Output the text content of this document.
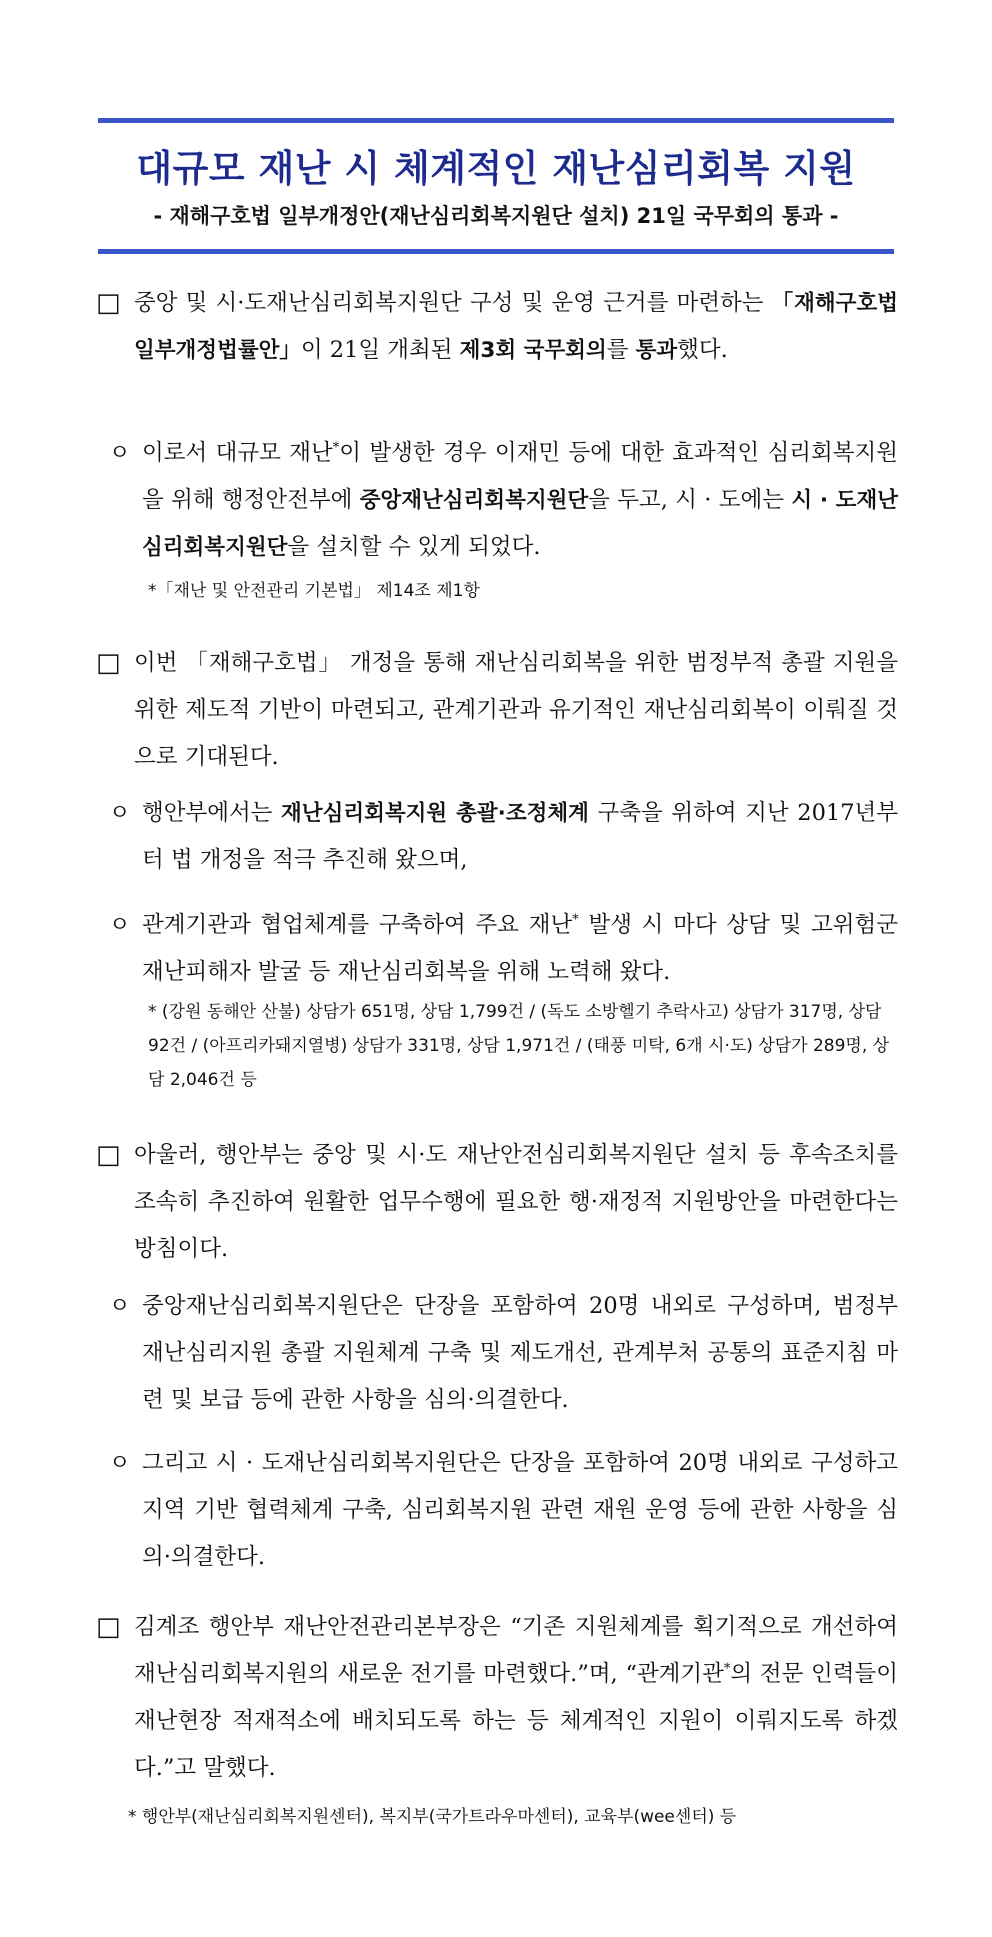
대규모 재난 시 체계적인 재난심리회복 지원
- 재해구호법 일부개정안(재난심리회복지원단 설치) 21일 국무회의 통과 -
□ 중앙 및 시·도재난심리회복지원단 구성 및 운영 근거를 마련하는 「재해구호법 일부개정법률안」이 21일 개최된 제3회 국무회의를 통과했다.
ㅇ 이로서 대규모 재난*이 발생한 경우 이재민 등에 대한 효과적인 심리회복지원을 위해 행정안전부에 중앙재난심리회복지원단을 두고, 시 · 도에는 시 · 도재난심리회복지원단을 설치할 수 있게 되었다.
*「재난 및 안전관리 기본법」 제14조 제1항
□ 이번 「재해구호법」 개정을 통해 재난심리회복을 위한 범정부적 총괄 지원을 위한 제도적 기반이 마련되고, 관계기관과 유기적인 재난심리회복이 이뤄질 것으로 기대된다.
ㅇ 행안부에서는 재난심리회복지원 총괄·조정체계 구축을 위하여 지난 2017년부터 법 개정을 적극 추진해 왔으며,
ㅇ 관계기관과 협업체계를 구축하여 주요 재난* 발생 시 마다 상담 및 고위험군 재난피해자 발굴 등 재난심리회복을 위해 노력해 왔다.
* (강원 동해안 산불) 상담가 651명, 상담 1,799건 / (독도 소방헬기 추락사고) 상담가 317명, 상담 92건 / (아프리카돼지열병) 상담가 331명, 상담 1,971건 / (태풍 미탁, 6개 시·도) 상담가 289명, 상담 2,046건 등
□ 아울러, 행안부는 중앙 및 시·도 재난안전심리회복지원단 설치 등 후속조치를 조속히 추진하여 원활한 업무수행에 필요한 행·재정적 지원방안을 마련한다는 방침이다.
ㅇ 중앙재난심리회복지원단은 단장을 포함하여 20명 내외로 구성하며, 범정부 재난심리지원 총괄 지원체계 구축 및 제도개선, 관계부처 공통의 표준지침 마련 및 보급 등에 관한 사항을 심의·의결한다.
ㅇ 그리고 시 · 도재난심리회복지원단은 단장을 포함하여 20명 내외로 구성하고 지역 기반 협력체계 구축, 심리회복지원 관련 재원 운영 등에 관한 사항을 심의·의결한다.
□ 김계조 행안부 재난안전관리본부장은 “기존 지원체계를 획기적으로 개선하여 재난심리회복지원의 새로운 전기를 마련했다.”며, “관계기관*의 전문 인력들이 재난현장 적재적소에 배치되도록 하는 등 체계적인 지원이 이뤄지도록 하겠다.”고 말했다.
* 행안부(재난심리회복지원센터), 복지부(국가트라우마센터), 교육부(wee센터) 등
